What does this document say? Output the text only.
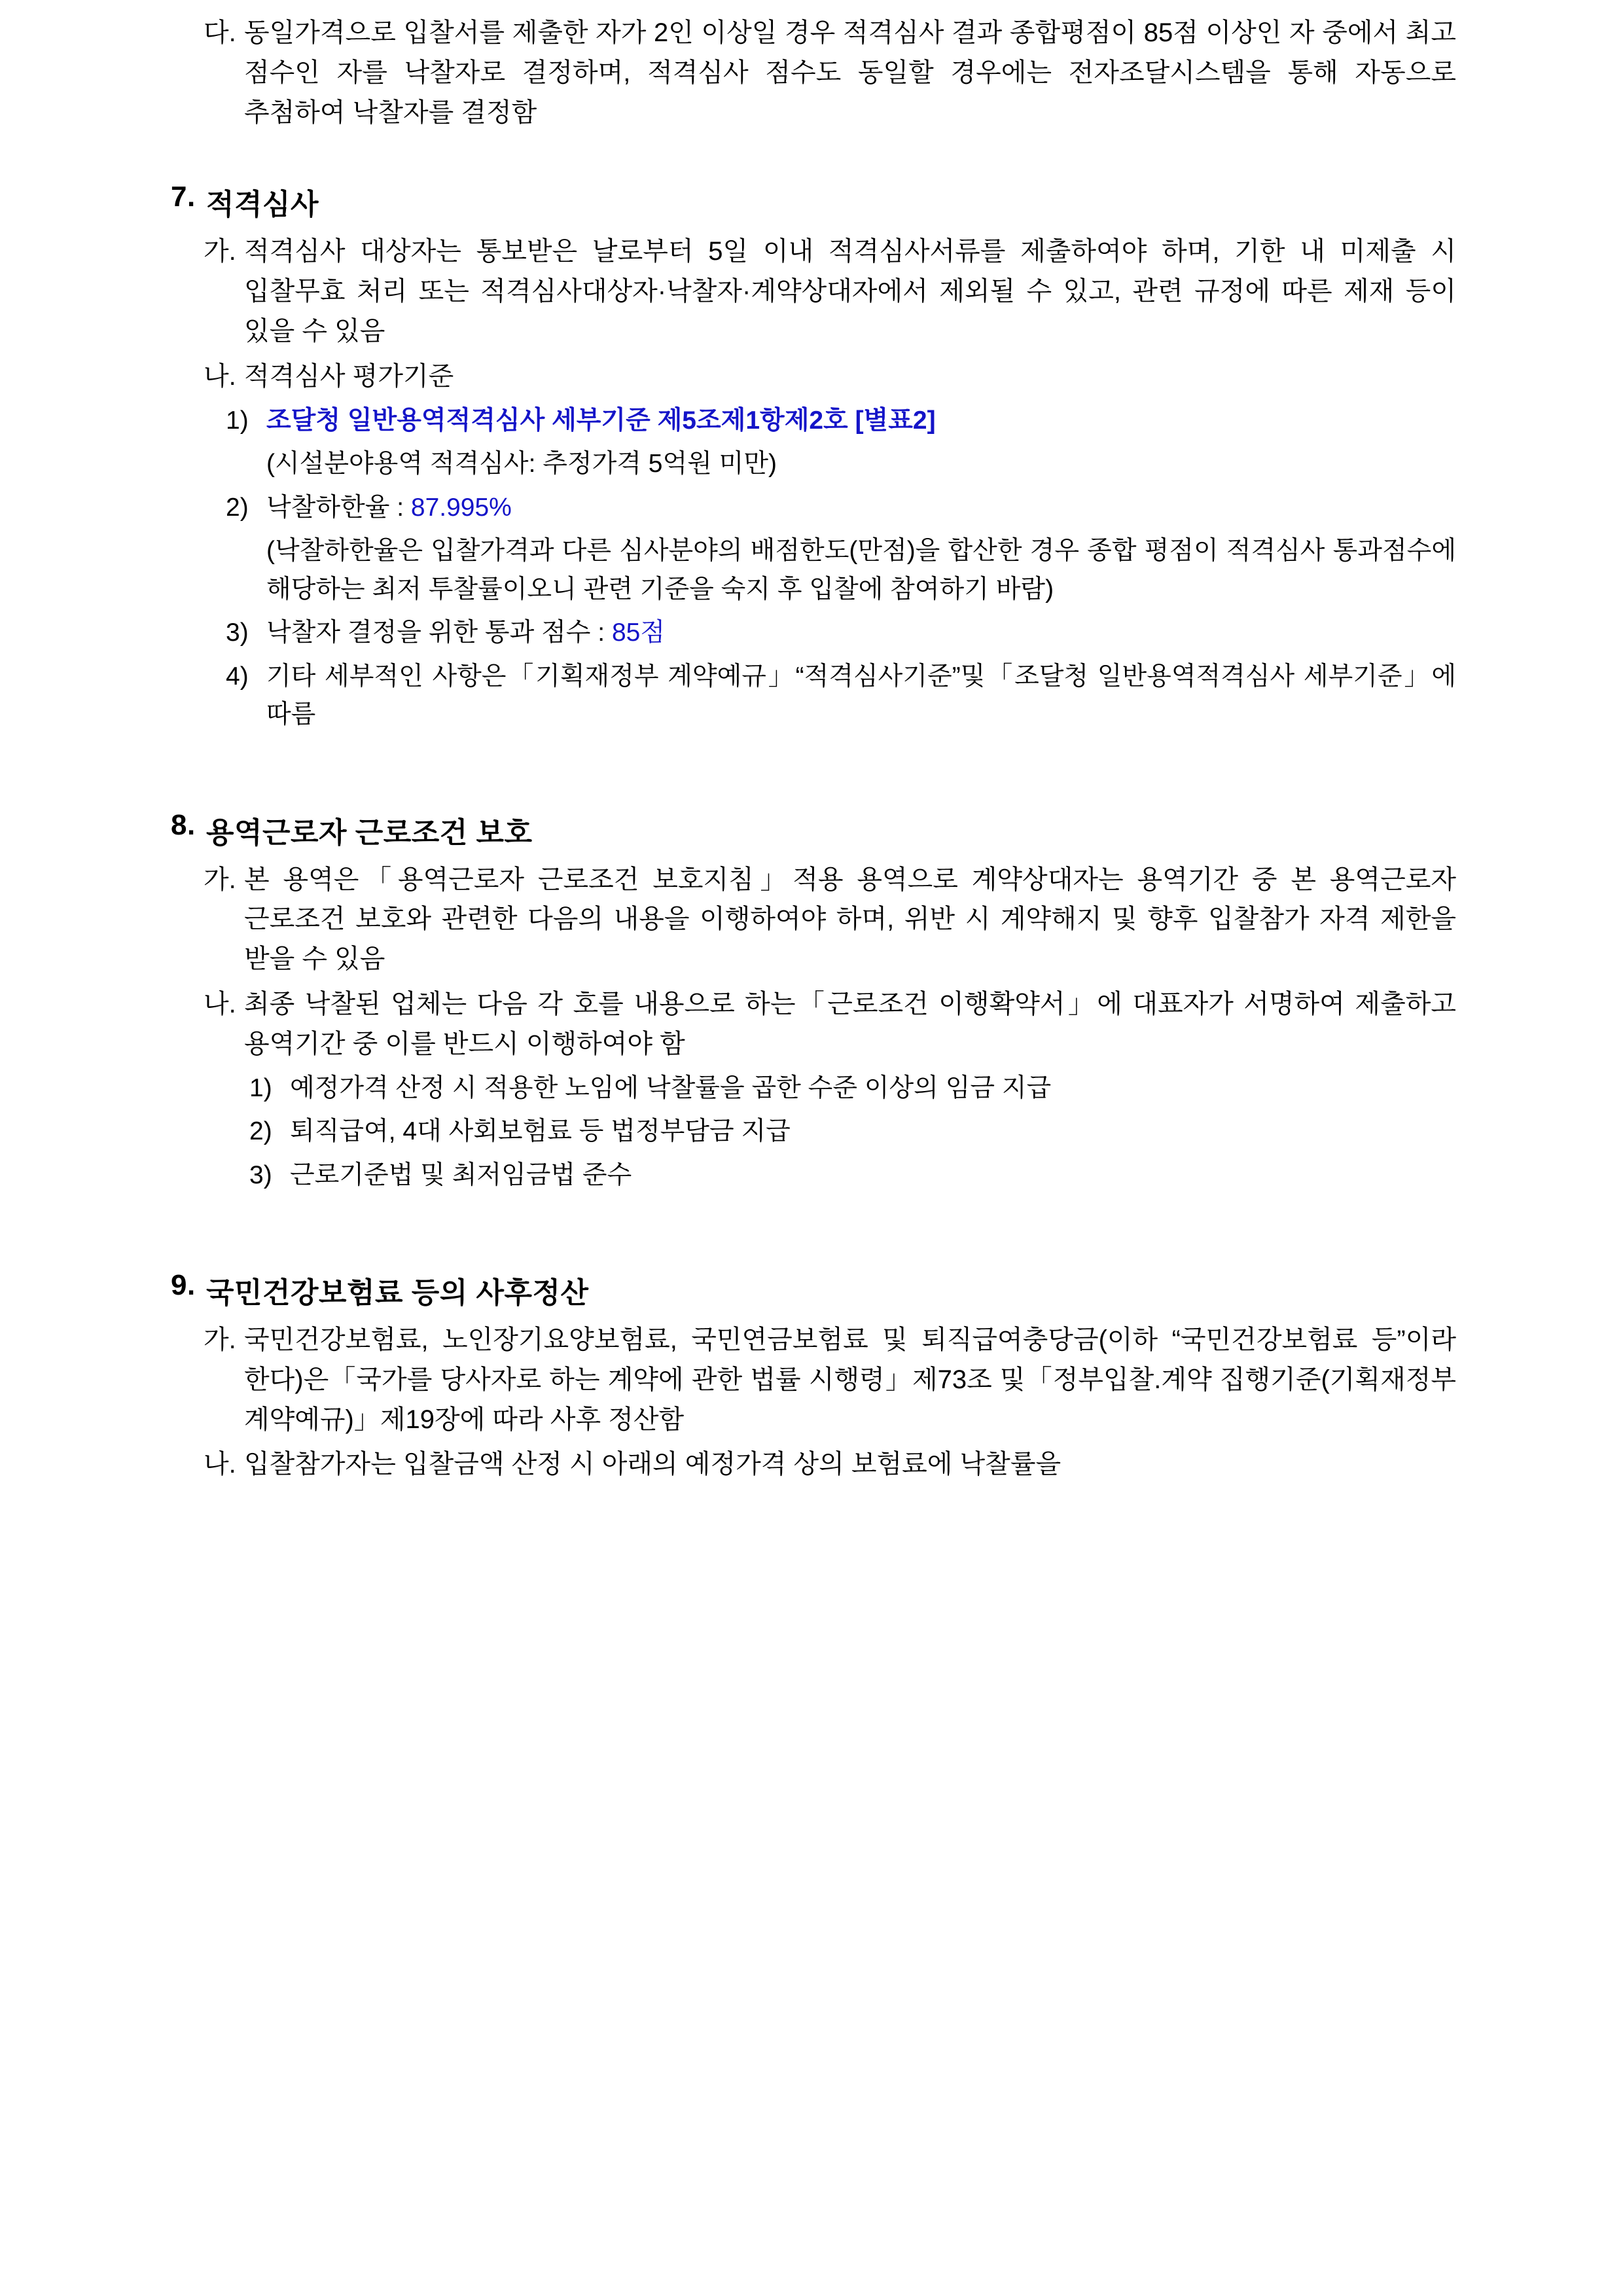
다. 동일가격으로 입찰서를 제출한 자가 2인 이상일 경우 적격심사 결과 종합평점이 85점 이상인 자 중에서 최고 점수인 자를 낙찰자로 결정하며, 적격심사 점수도 동일할 경우에는 전자조달시스템을 통해 자동으로 추첨하여 낙찰자를 결정함
7. 적격심사
가. 적격심사 대상자는 통보받은 날로부터 5일 이내 적격심사서류를 제출하여야 하며, 기한 내 미제출 시 입찰무효 처리 또는 적격심사대상자·낙찰자·계약상대자에서 제외될 수 있고, 관련 규정에 따른 제재 등이 있을 수 있음
나. 적격심사 평가기준
1) 조달청 일반용역적격심사 세부기준 제5조제1항제2호 [별표2]
(시설분야용역 적격심사: 추정가격 5억원 미만)
2) 낙찰하한율 : 87.995%
(낙찰하한율은 입찰가격과 다른 심사분야의 배점한도(만점)을 합산한 경우 종합 평점이 적격심사 통과점수에 해당하는 최저 투찰률이오니 관련 기준을 숙지 후 입찰에 참여하기 바람)
3) 낙찰자 결정을 위한 통과 점수 : 85점
4) 기타 세부적인 사항은「기획재정부 계약예규」“적격심사기준”및「조달청 일반용역적격심사 세부기준」에 따름
8. 용역근로자 근로조건 보호
가. 본 용역은「용역근로자 근로조건 보호지침」적용 용역으로 계약상대자는 용역기간 중 본 용역근로자 근로조건 보호와 관련한 다음의 내용을 이행하여야 하며, 위반 시 계약해지 및 향후 입찰참가 자격 제한을 받을 수 있음
나. 최종 낙찰된 업체는 다음 각 호를 내용으로 하는「근로조건 이행확약서」에 대표자가 서명하여 제출하고 용역기간 중 이를 반드시 이행하여야 함
1) 예정가격 산정 시 적용한 노임에 낙찰률을 곱한 수준 이상의 임금 지급
2) 퇴직급여, 4대 사회보험료 등 법정부담금 지급
3) 근로기준법 및 최저임금법 준수
9. 국민건강보험료 등의 사후정산
가. 국민건강보험료, 노인장기요양보험료, 국민연금보험료 및 퇴직급여충당금(이하 “국민건강보험료 등”이라 한다)은「국가를 당사자로 하는 계약에 관한 법률 시행령」제73조 및「정부입찰.계약 집행기준(기획재정부 계약예규)」제19장에 따라 사후 정산함
나. 입찰참가자는 입찰금액 산정 시 아래의 예정가격 상의 보험료에 낙찰률을
